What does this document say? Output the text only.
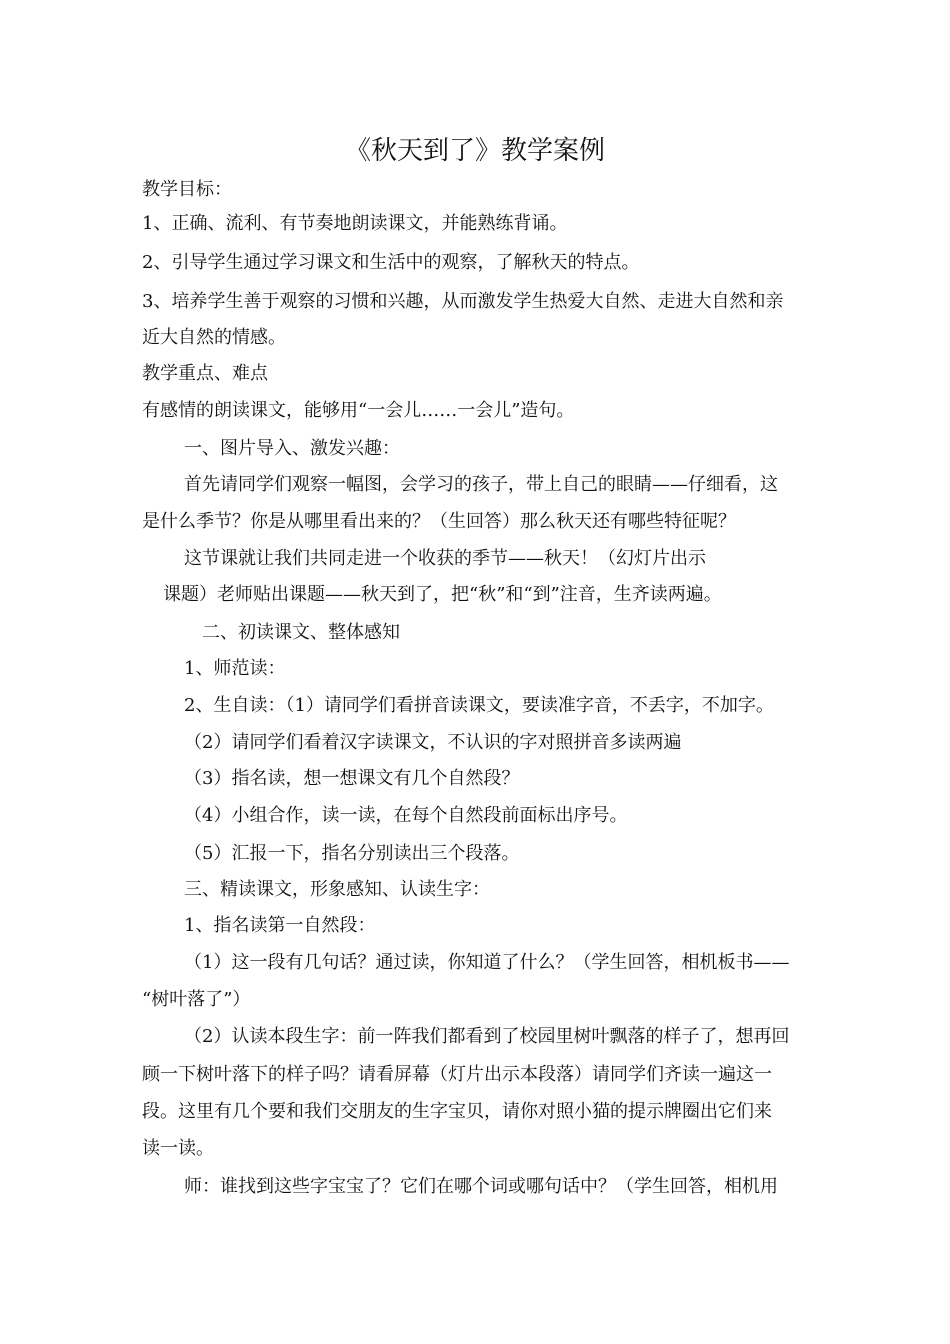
《秋天到了》教学案例
教学目标：
1、正确、流利、有节奏地朗读课文，并能熟练背诵。
2、引导学生通过学习课文和生活中的观察，了解秋天的特点。
3、培养学生善于观察的习惯和兴趣，从而激发学生热爱大自然、走进大自然和亲
近大自然的情感。
教学重点、难点
有感情的朗读课文，能够用“一会儿……一会儿”造句。
一、图片导入、激发兴趣：
首先请同学们观察一幅图，会学习的孩子，带上自己的眼睛——仔细看，这
是什么季节？你是从哪里看出来的？（生回答）那么秋天还有哪些特征呢？
这节课就让我们共同走进一个收获的季节——秋天！（幻灯片出示
课题）老师贴出课题——秋天到了，把“秋”和“到”注音，生齐读两遍。
二、初读课文、整体感知
1、师范读：
2、生自读：（1）请同学们看拼音读课文，要读准字音，不丢字，不加字。
（2）请同学们看着汉字读课文，不认识的字对照拼音多读两遍
（3）指名读，想一想课文有几个自然段？
（4）小组合作，读一读，在每个自然段前面标出序号。
（5）汇报一下，指名分别读出三个段落。
三、精读课文，形象感知、认读生字：
1、指名读第一自然段：
（1）这一段有几句话？通过读，你知道了什么？（学生回答，相机板书——
“树叶落了”）
（2）认读本段生字：前一阵我们都看到了校园里树叶飘落的样子了，想再回
顾一下树叶落下的样子吗？请看屏幕（灯片出示本段落）请同学们齐读一遍这一
段。这里有几个要和我们交朋友的生字宝贝，请你对照小猫的提示牌圈出它们来
读一读。
师：谁找到这些字宝宝了？它们在哪个词或哪句话中？（学生回答，相机用
